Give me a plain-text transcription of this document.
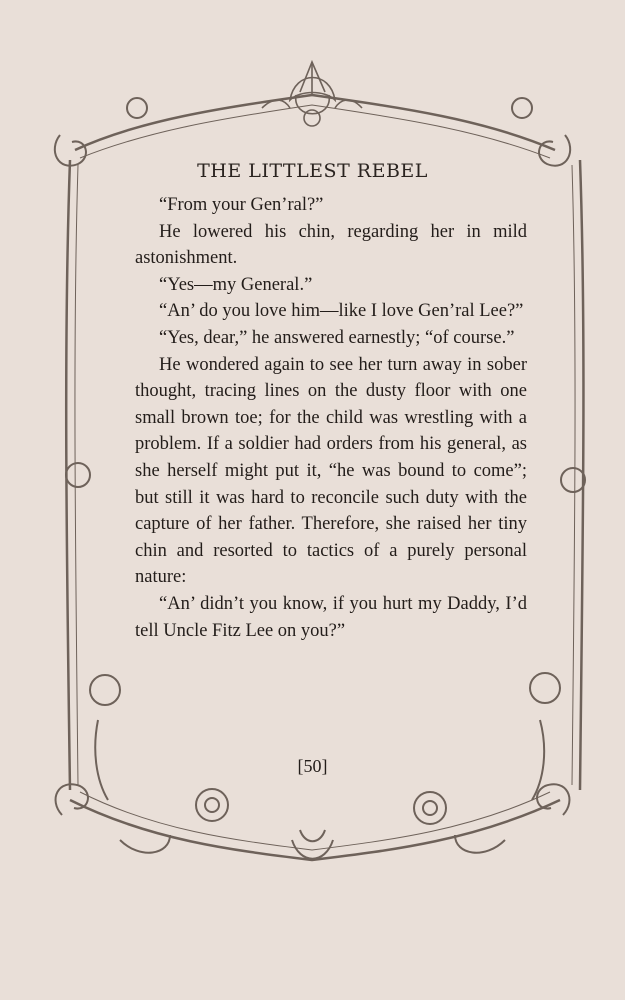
THE LITTLEST REBEL

“From your Gen’ral?”

He lowered his chin, regarding her in mild astonishment.

“Yes—my General.”

“An’ do you love him—like I love Gen’ral Lee?”

“Yes, dear,” he answered earnestly; “of course.”

He wondered again to see her turn away in sober thought, tracing lines on the dusty floor with one small brown toe; for the child was wrestling with a problem. If a soldier had orders from his general, as she herself might put it, “he was bound to come”; but still it was hard to reconcile such duty with the capture of her father. Therefore, she raised her tiny chin and resorted to tactics of a purely personal nature:

“An’ didn’t you know, if you hurt my Daddy, I’d tell Uncle Fitz Lee on you?”

[50]
